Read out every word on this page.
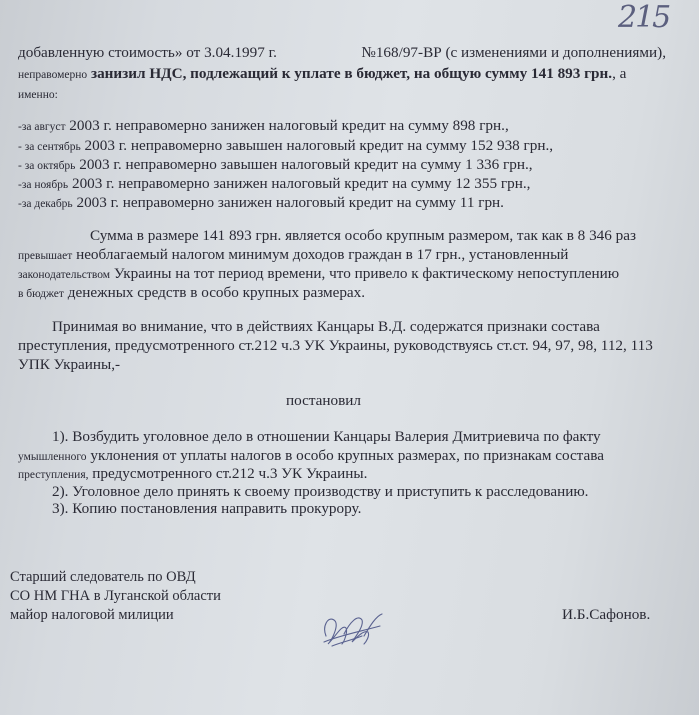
215
добавленную стоимость» от 3.04.1997 г.	№168/97-ВР (с изменениями и дополнениями),
неправомерно занизил НДС, подлежащий к уплате в бюджет, на общую сумму 141 893 грн., а
именно:
-за август 2003 г. неправомерно занижен налоговый кредит на сумму 898 грн.,
- за сентябрь 2003 г. неправомерно завышен налоговый кредит на сумму 152 938 грн.,
- за октябрь 2003 г. неправомерно завышен налоговый кредит на сумму 1 336 грн.,
-за ноябрь 2003 г. неправомерно занижен налоговый кредит на сумму 12 355 грн.,
-за декабрь 2003 г. неправомерно занижен налоговый кредит на сумму 11 грн.
Сумма в размере 141 893 грн. является особо крупным размером, так как в 8 346 раз
превышает необлагаемый налогом минимум доходов граждан в 17 грн., установленный
законодательством Украины на тот период времени, что привело к фактическому непоступлению
в бюджет денежных средств в особо крупных размерах.
Принимая во внимание, что в действиях Канцары В.Д. содержатся признаки состава
преступления, предусмотренного ст.212 ч.3 УК Украины, руководствуясь ст.ст. 94, 97, 98, 112, 113
УПК Украины,-
постановил
1). Возбудить уголовное дело в отношении Канцары Валерия Дмитриевича по факту
умышленного уклонения от уплаты налогов в особо крупных размерах, по признакам состава
преступления, предусмотренного ст.212 ч.3 УК Украины.
2). Уголовное дело принять к своему производству и приступить к расследованию.
3). Копию постановления направить прокурору.
Старший следователь по ОВД
СО НМ ГНА в Луганской области
майор налоговой милиции	И.Б.Сафонов.
